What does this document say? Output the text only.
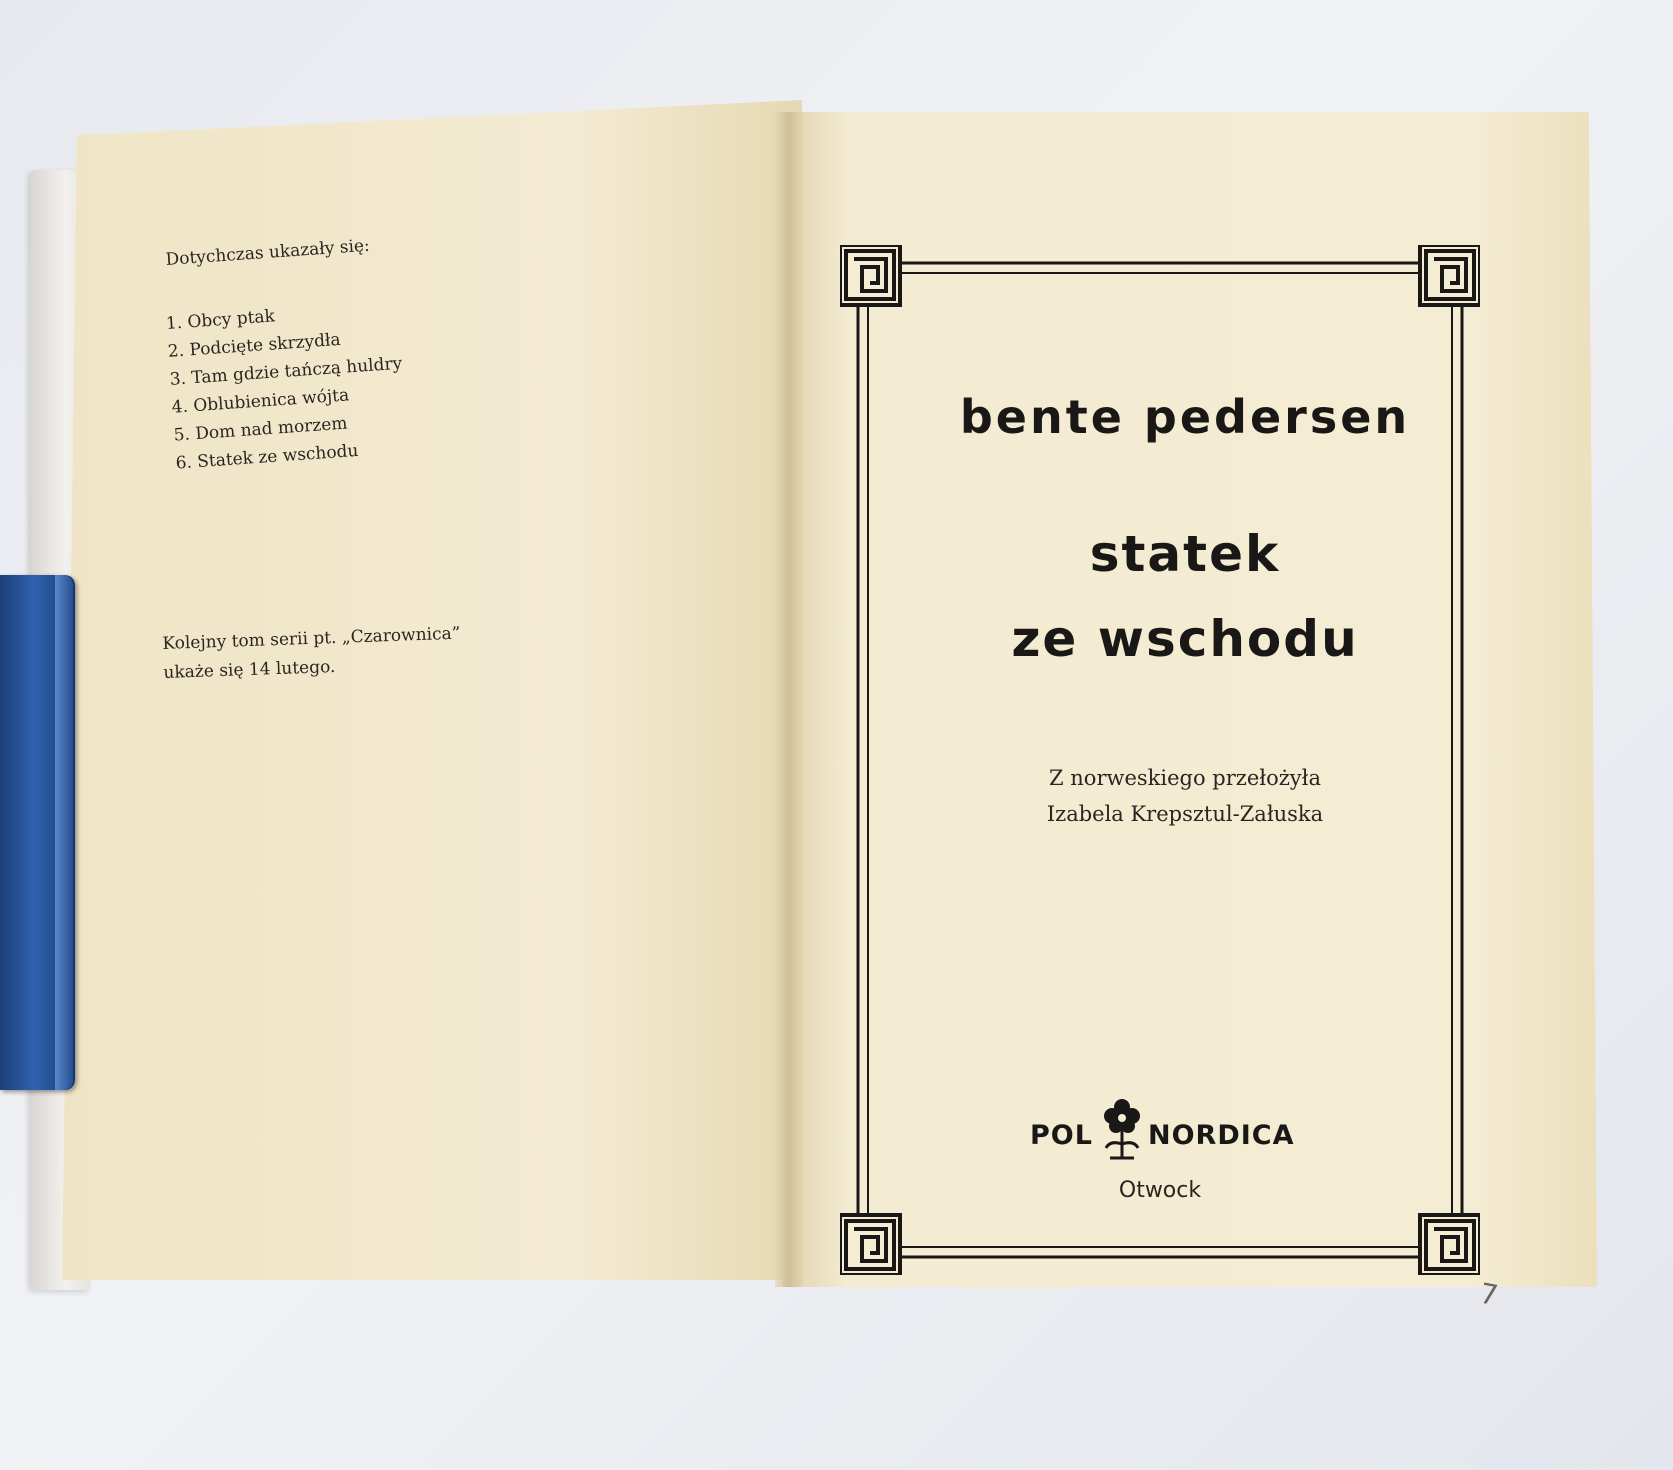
Dotychczas ukazały się:
1. Obcy ptak
2. Podcięte skrzydła
3. Tam gdzie tańczą huldry
4. Oblubienica wójta
5. Dom nad morzem
6. Statek ze wschodu
Kolejny tom serii pt. „Czarownica”
ukaże się 14 lutego.
bente pedersen
statek
ze wschodu
Z norweskiego przełożyła
Izabela Krepsztul-Załuska
POL NORDICA
Otwock
7
